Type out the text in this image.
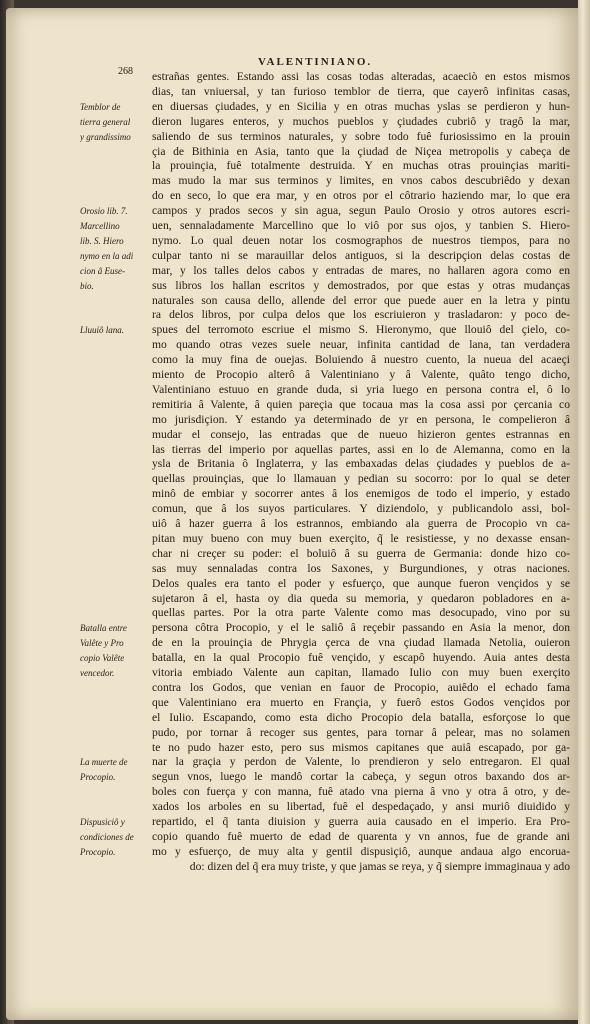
268
VALENTINIANO.
estrañas gentes. Estando assi las cosas todas alteradas, acaeciò en estos mismos
dias, tan vniuersal, y tan furioso temblor de tierra, que cayerô infinitas casas,
en diuersas çiudades, y en Sicilia y en otras muchas yslas se perdieron y hun-
dieron lugares enteros, y muchos pueblos y çiudades cubriô y tragô la mar,
saliendo de sus terminos naturales, y sobre todo fuê furiosissimo en la prouin
çia de Bithinia en Asia, tanto que la çiudad de Niçea metropolis y cabeça de
la prouinçia, fuê totalmente destruida. Y en muchas otras prouinçias mariti-
mas mudo la mar sus terminos y limites, en vnos cabos descubriêdo y dexan
do en seco, lo que era mar, y en otros por el côtrario haziendo mar, lo que era
campos y prados secos y sin agua, segun Paulo Orosio y otros autores escri-
uen, sennaladamente Marcellino que lo viô por sus ojos, y tanbien S. Hiero-
nymo. Lo qual deuen notar los cosmographos de nuestros tiempos, para no
culpar tanto ni se marauillar delos antiguos, si la descripçion delas costas de
mar, y los talles delos cabos y entradas de mares, no hallaren agora como en
sus libros los hallan escritos y demostrados, por que estas y otras mudanças
naturales son causa dello, allende del error que puede auer en la letra y pintu
ra delos libros, por culpa delos que los escriuieron y trasladaron: y poco de-
spues del terromoto escriue el mismo S. Hieronymo, que llouiô del çielo, co-
mo quando otras vezes suele neuar, infinita cantidad de lana, tan verdadera
como la muy fina de ouejas. Boluiendo â nuestro cuento, la nueua del acaeçi
miento de Procopio alterô â Valentiniano y â Valente, quâto tengo dicho,
Valentiniano estuuo en grande duda, si yria luego en persona contra el, ô lo
remitiria â Valente, â quien pareçia que tocaua mas la cosa assi por çercania co
mo jurisdiçion. Y estando ya determinado de yr en persona, le compelieron â
mudar el consejo, las entradas que de nueuo hizieron gentes estrannas en
las tierras del imperio por aquellas partes, assi en lo de Alemanna, como en la
ysla de Britania ô Inglaterra, y las embaxadas delas çiudades y pueblos de a-
quellas prouinçias, que lo llamauan y pedian su socorro: por lo qual se deter
minô de embiar y socorrer antes â los enemigos de todo el imperio, y estado
comun, que â los suyos particulares. Y diziendolo, y publicandolo assi, bol-
uiô â hazer guerra â los estrannos, embiando ala guerra de Procopio vn ca-
pitan muy bueno con muy buen exerçito, q̃ le resistiesse, y no dexasse ensan-
char ni creçer su poder: el boluiô â su guerra de Germania: donde hizo co-
sas muy sennaladas contra los Saxones, y Burgundiones, y otras naciones.
Delos quales era tanto el poder y esfuerço, que aunque fueron vençidos y se
sujetaron â el, hasta oy dia queda su memoria, y quedaron pobladores en a-
quellas partes. Por la otra parte Valente como mas desocupado, vino por su
persona côtra Procopio, y el le saliô â reçebir passando en Asia la menor, don
de en la prouinçia de Phrygia çerca de vna çiudad llamada Netolia, ouieron
batalla, en la qual Procopio fuê vençido, y escapô huyendo. Auia antes desta
vitoria embiado Valente aun capitan, llamado Iulio con muy buen exerçito
contra los Godos, que venian en fauor de Procopio, auiêdo el echado fama
que Valentiniano era muerto en Françia, y fuerô estos Godos vençidos por
el Iulio. Escapando, como esta dicho Procopio dela batalla, esforçose lo que
pudo, por tornar â recoger sus gentes, para tornar â pelear, mas no solamen
te no pudo hazer esto, pero sus mismos capitanes que auiâ escapado, por ga-
nar la graçia y perdon de Valente, lo prendieron y selo entregaron. El qual
segun vnos, luego le mandô cortar la cabeça, y segun otros baxando dos ar-
boles con fuerça y con manna, fuê atado vna pierna â vno y otra â otro, y de-
xados los arboles en su libertad, fuê el despedaçado, y ansi muriô diuidido y
repartido, el q̃ tanta diuision y guerra auia causado en el imperio. Era Pro-
copio quando fuê muerto de edad de quarenta y vn annos, fue de grande ani
mo y esfuerço, de muy alta y gentil dispusiçiô, aunque andaua algo encorua-
do: dizen del q̃ era muy triste, y que jamas se reya, y q̃ siempre immaginaua y ado
Temblor de
tierra general
y grandissimo
Orosio lib. 7.
Marcellino
lib. S. Hiero
nymo en la adi
cion â Euse-
bio.
Lluuiô lana.
Batalla entre
Valête y Pro
copio Valête
vencedor.
La muerte de
Procopio.
Dispusiciô y
condiciones de
Procopio.
